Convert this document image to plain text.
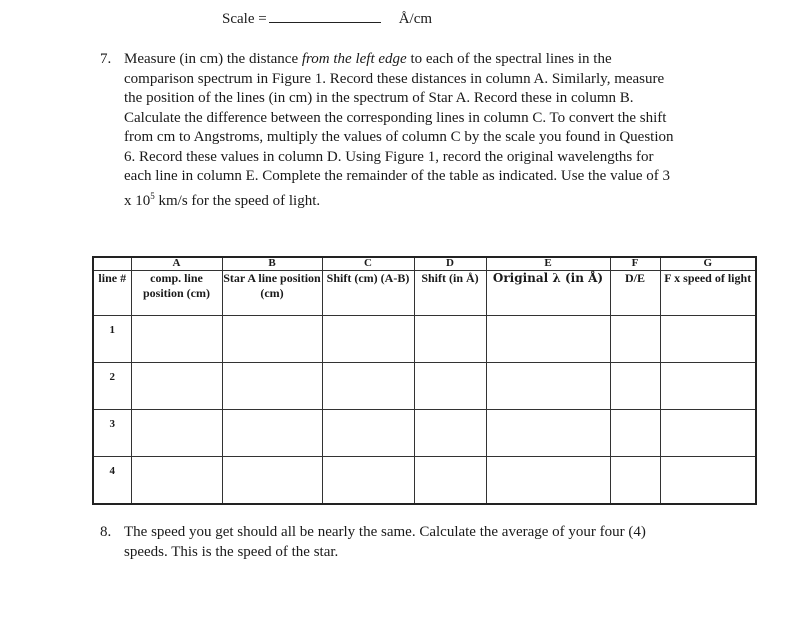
Scale =	Å/cm
7. Measure (in cm) the distance from the left edge to each of the spectral lines in the comparison spectrum in Figure 1. Record these distances in column A. Similarly, measure the position of the lines (in cm) in the spectrum of Star A. Record these in column B. Calculate the difference between the corresponding lines in column C. To convert the shift from cm to Angstroms, multiply the values of column C by the scale you found in Question 6. Record these values in column D. Using Figure 1, record the original wavelengths for each line in column E. Complete the remainder of the table as indicated. Use the value of 3 x $10^5$ km/s for the speed of light.
	A	B	C	D	E	F	G
line #	comp. line position (cm)	Star A line position (cm)	Shift (cm) (A-B)	Shift (in Å)	Original λ (in Å)	D/E	F x speed of light
1							
2							
3							
4							
8. The speed you get should all be nearly the same. Calculate the average of your four (4) speeds. This is the speed of the star.
